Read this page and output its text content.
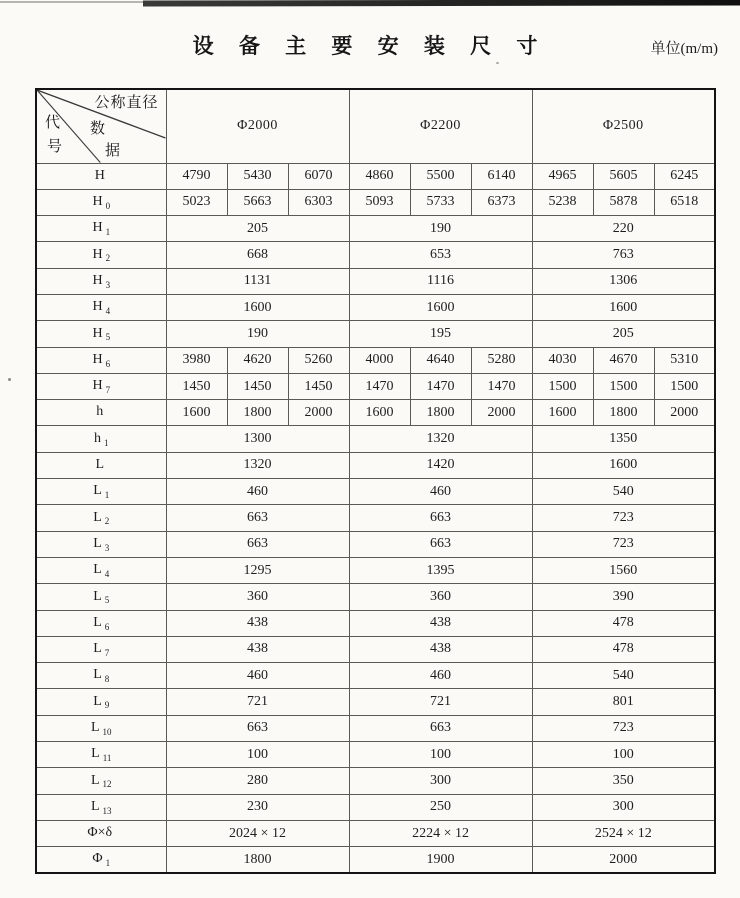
设 备 主 要 安 装 尺 寸	单位(m/m)
公称直径
代 数
号 据	Φ2000			Φ2200			Φ2500		
H	4790	5430	6070	4860	5500	6140	4965	5605	6245
H $_0$	5023	5663	6303	5093	5733	6373	5238	5878	6518
H $_1$	205			190			220		
H $_2$	668			653			763		
H $_3$	1131			1116			1306		
H $_4$	1600			1600			1600		
H $_5$	190			195			205		
H $_6$	3980	4620	5260	4000	4640	5280	4030	4670	5310
H $_7$	1450	1450	1450	1470	1470	1470	1500	1500	1500
h	1600	1800	2000	1600	1800	2000	1600	1800	2000
h $_1$	1300			1320			1350		
L	1320			1420			1600		
L $_1$	460			460			540		
L $_2$	663			663			723		
L $_3$	663			663			723		
L $_4$	1295			1395			1560		
L $_5$	360			360			390		
L $_6$	438			438			478		
L $_7$	438			438			478		
L $_8$	460			460			540		
L $_9$	721			721			801		
L $_{10}$	663			663			723		
L $_{11}$	100			100			100		
L $_{12}$	280			300			350		
L $_{13}$	230			250			300		
Φ×δ	2024 × 12			2224 × 12			2524 × 12		
Φ $_1$	1800			1900			2000		
